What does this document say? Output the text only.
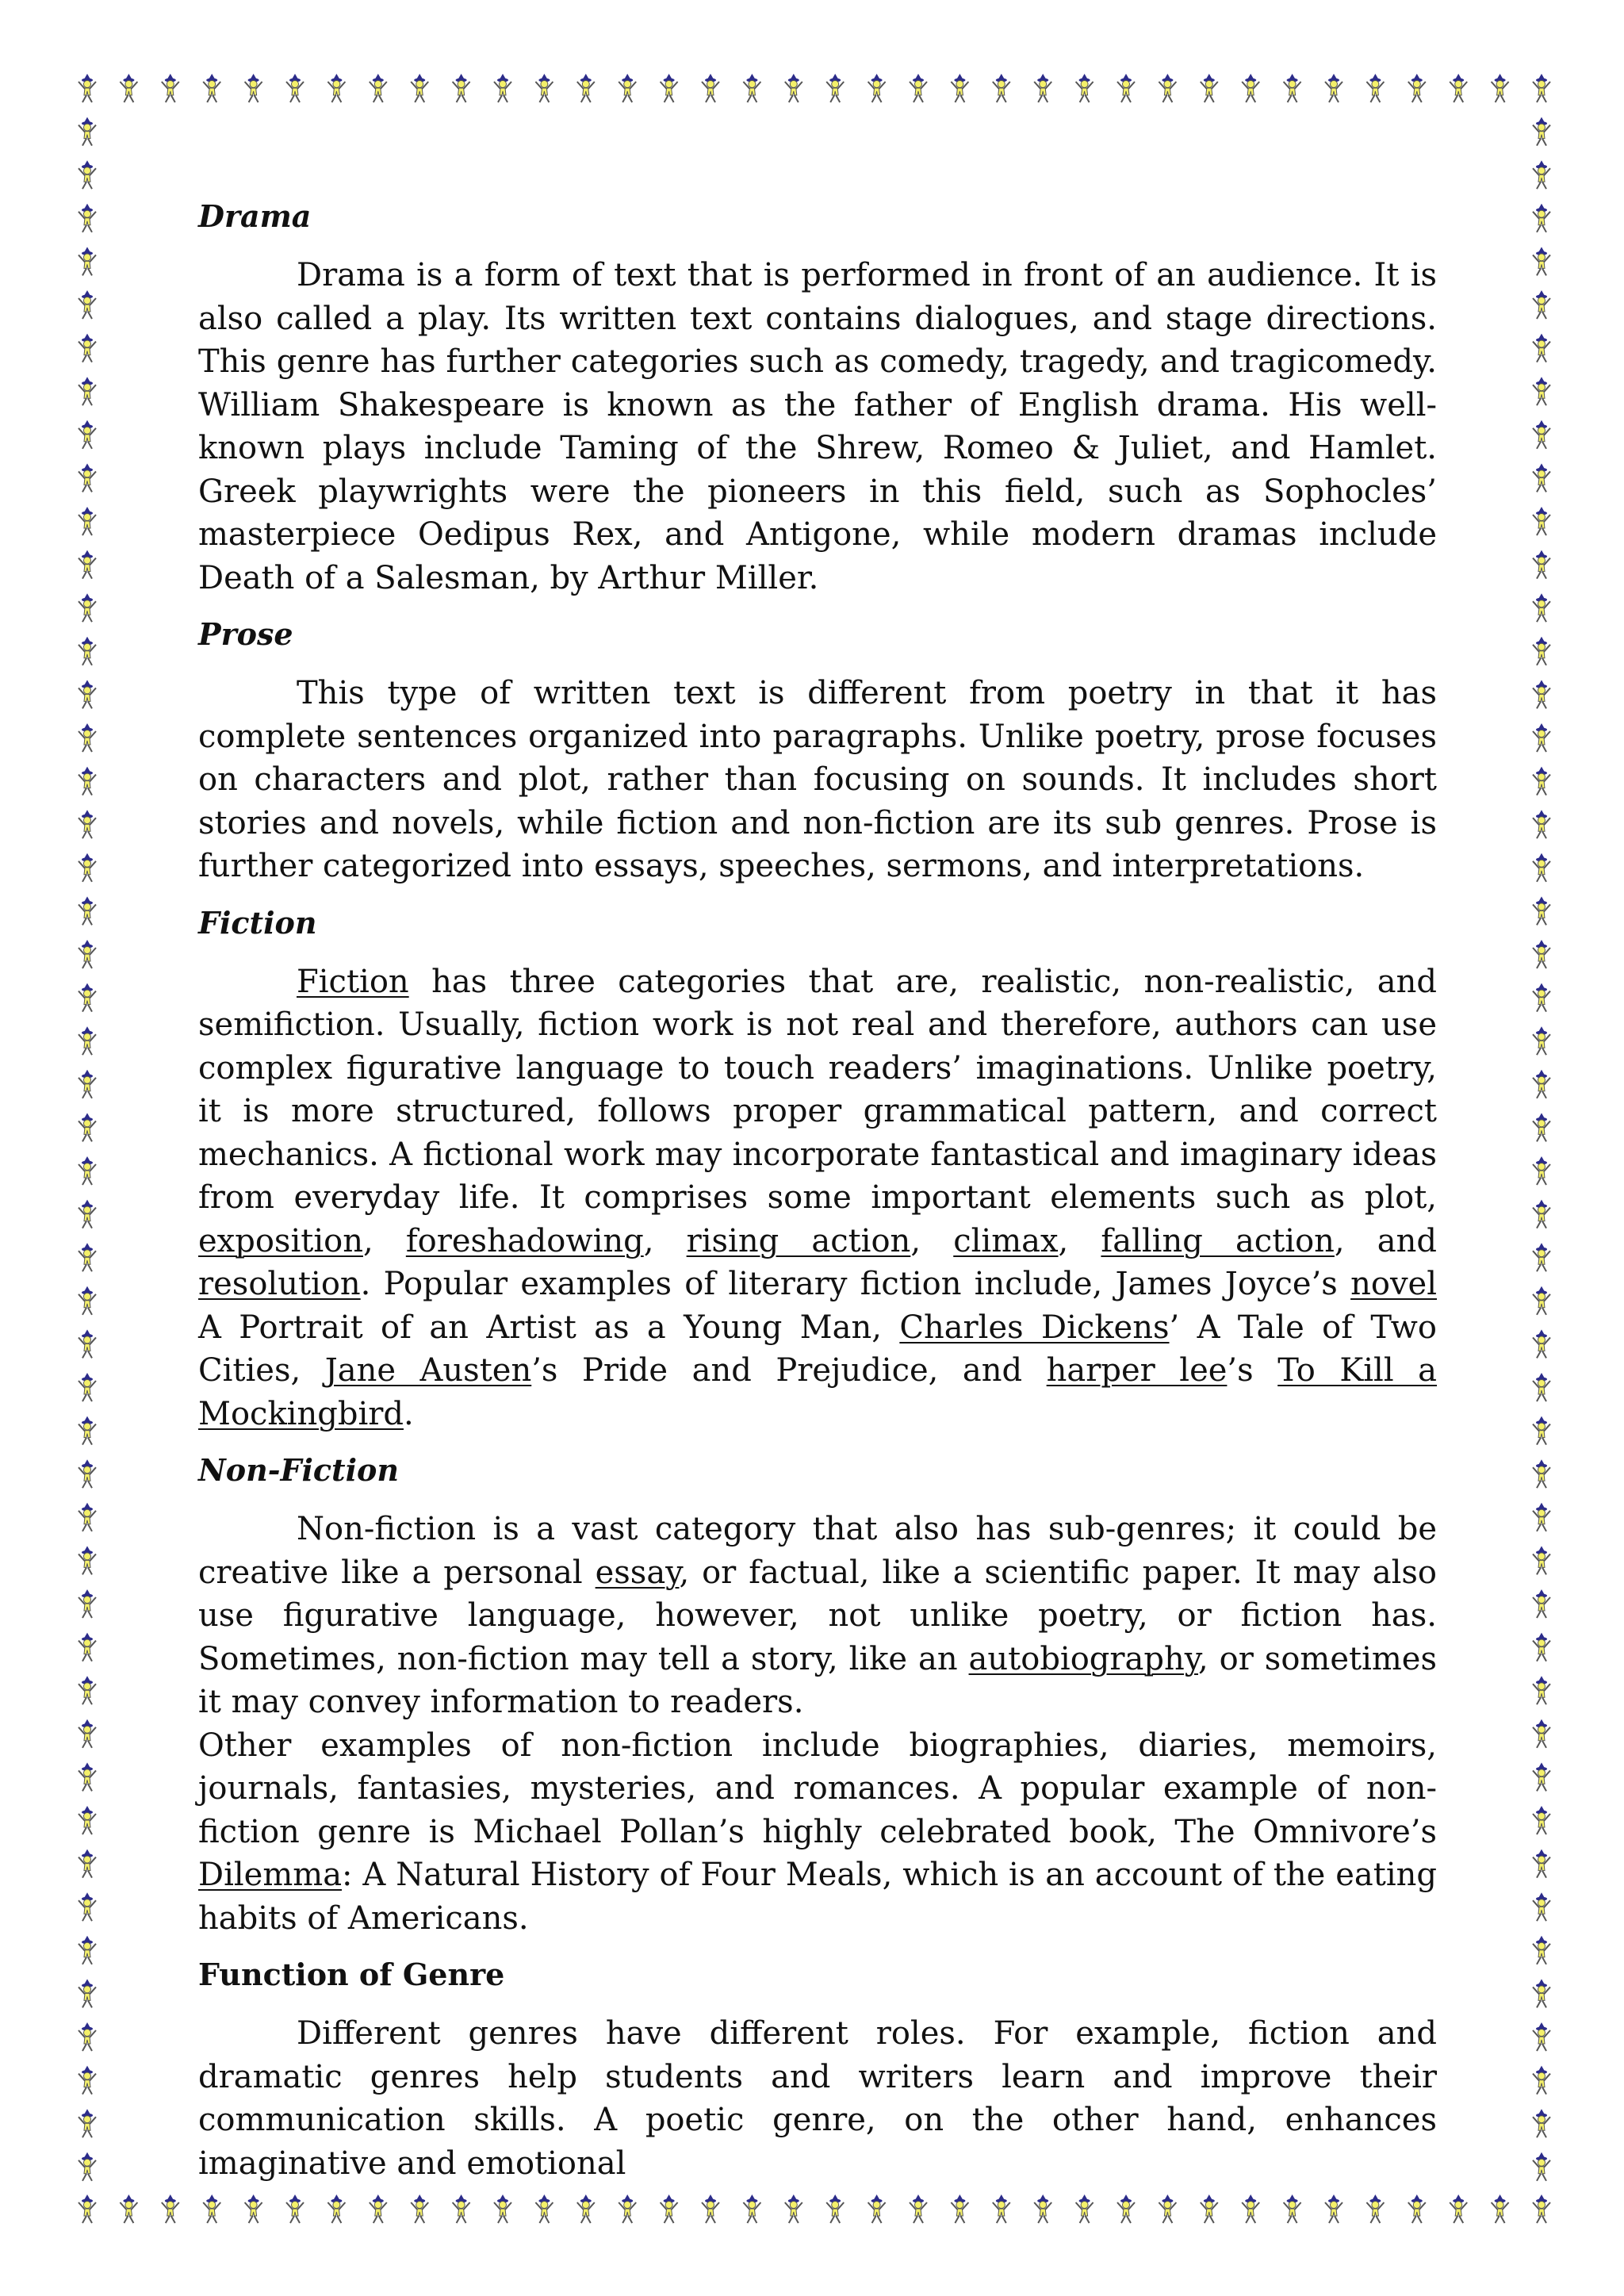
Drama

Drama is a form of text that is performed in front of an audience. It is also called a play. Its written text contains dialogues, and stage directions. This genre has further categories such as comedy, tragedy, and tragicomedy. William Shakespeare is known as the father of English drama. His well-known plays include Taming of the Shrew, Romeo & Juliet, and Hamlet. Greek playwrights were the pioneers in this field, such as Sophocles’ masterpiece Oedipus Rex, and Antigone, while modern dramas include Death of a Salesman, by Arthur Miller.

Prose

This type of written text is different from poetry in that it has complete sentences organized into paragraphs. Unlike poetry, prose focuses on characters and plot, rather than focusing on sounds. It includes short stories and novels, while fiction and non-fiction are its sub genres. Prose is further categorized into essays, speeches, sermons, and interpretations.

Fiction

Fiction has three categories that are, realistic, non-realistic, and semifiction. Usually, fiction work is not real and therefore, authors can use complex figurative language to touch readers’ imaginations. Unlike poetry, it is more structured, follows proper grammatical pattern, and correct mechanics. A fictional work may incorporate fantastical and imaginary ideas from everyday life. It comprises some important elements such as plot, exposition, foreshadowing, rising action, climax, falling action, and resolution. Popular examples of literary fiction include, James Joyce’s novel A Portrait of an Artist as a Young Man, Charles Dickens’ A Tale of Two Cities, Jane Austen’s Pride and Prejudice, and harper lee’s To Kill a Mockingbird.

Non-Fiction

Non-fiction is a vast category that also has sub-genres; it could be creative like a personal essay, or factual, like a scientific paper. It may also use figurative language, however, not unlike poetry, or fiction has. Sometimes, non-fiction may tell a story, like an autobiography, or sometimes it may convey information to readers.

Other examples of non-fiction include biographies, diaries, memoirs, journals, fantasies, mysteries, and romances. A popular example of non-fiction genre is Michael Pollan’s highly celebrated book, The Omnivore’s Dilemma: A Natural History of Four Meals, which is an account of the eating habits of Americans.

Function of Genre

Different genres have different roles. For example, fiction and dramatic genres help students and writers learn and improve their communication skills. A poetic genre, on the other hand, enhances imaginative and emotional
